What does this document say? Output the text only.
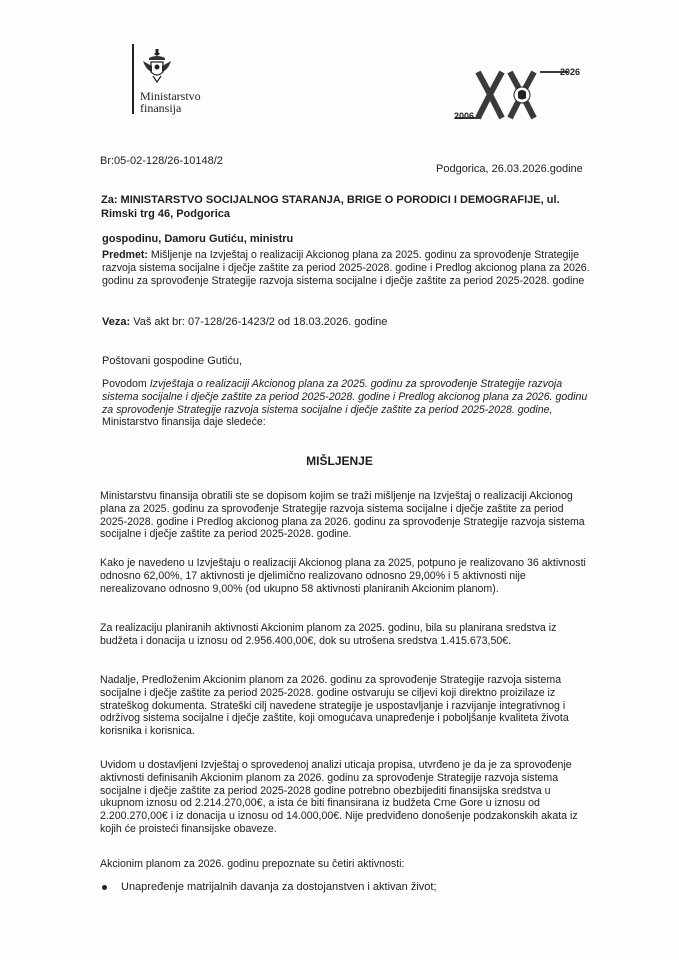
Ministarstvo
finansija
2026
2006
Br:05-02-128/26-10148/2
Podgorica, 26.03.2026.godine
Za: MINISTARSTVO SOCIJALNOG STARANJA, BRIGE O PORODICI I DEMOGRAFIJE, ul. Rimski trg 46, Podgorica
gospodinu, Damoru Gutiću, ministru
Predmet: Mišljenje na Izvještaj o realizaciji Akcionog plana za 2025. godinu za sprovođenje Strategije razvoja sistema socijalne i dječje zaštite za period 2025-2028. godine i Predlog akcionog plana za 2026. godinu za sprovođenje Strategije razvoja sistema socijalne i dječje zaštite za period 2025-2028. godine
Veza: Vaš akt br: 07-128/26-1423/2 od 18.03.2026. godine
Poštovani gospodine Gutiću,
Povodom Izvještaja o realizaciji Akcionog plana za 2025. godinu za sprovođenje Strategije razvoja sistema socijalne i dječje zaštite za period 2025-2028. godine i Predlog akcionog plana za 2026. godinu za sprovođenje Strategije razvoja sistema socijalne i dječje zaštite za period 2025-2028. godine, Ministarstvo finansija daje sledeće:
MIŠLJENJE
Ministarstvu finansija obratili ste se dopisom kojim se traži mišljenje na Izvještaj o realizaciji Akcionog plana za 2025. godinu za sprovođenje Strategije razvoja sistema socijalne i dječje zaštite za period 2025-2028. godine i Predlog akcionog plana za 2026. godinu za sprovođenje Strategije razvoja sistema socijalne i dječje zaštite za period 2025-2028. godine.
Kako je navedeno u Izvještaju o realizaciji Akcionog plana za 2025, potpuno je realizovano 36 aktivnosti odnosno 62,00%, 17 aktivnosti je djelimično realizovano odnosno 29,00% i 5 aktivnosti nije nerealizovano odnosno 9,00% (od ukupno 58 aktivnosti planiranih Akcionim planom).
Za realizaciju planiranih aktivnosti Akcionim planom za 2025. godinu, bila su planirana sredstva iz budžeta i donacija u iznosu od 2.956.400,00€, dok su utrošena sredstva 1.415.673,50€.
Nadalje, Predloženim Akcionim planom za 2026. godinu za sprovođenje Strategije razvoja sistema socijalne i dječje zaštite za period 2025-2028. godine ostvaruju se ciljevi koji direktno proizilaze iz strateškog dokumenta. Strateški cilj navedene strategije je uspostavljanje i razvijanje integrativnog i održivog sistema socijalne i dječje zaštite, koji omogućava unapređenje i poboljšanje kvaliteta života korisnika i korisnica.
Uvidom u dostavljeni Izvještaj o sprovedenoj analizi uticaja propisa, utvrđeno je da je za sprovođenje aktivnosti definisanih Akcionim planom za 2026. godinu za sprovođenje Strategije razvoja sistema socijalne i dječje zaštite za period 2025-2028 godine potrebno obezbijediti finansijska sredstva u ukupnom iznosu od 2.214.270,00€, a ista će biti finansirana iz budžeta Crne Gore u iznosu od 2.200.270,00€ i iz donacija u iznosu od 14.000,00€. Nije predviđeno donošenje podzakonskih akata iz kojih će proisteći finansijske obaveze.
Akcionim planom za 2026. godinu prepoznate su četiri aktivnosti:
Unapređenje matrijalnih davanja za dostojanstven i aktivan život;
